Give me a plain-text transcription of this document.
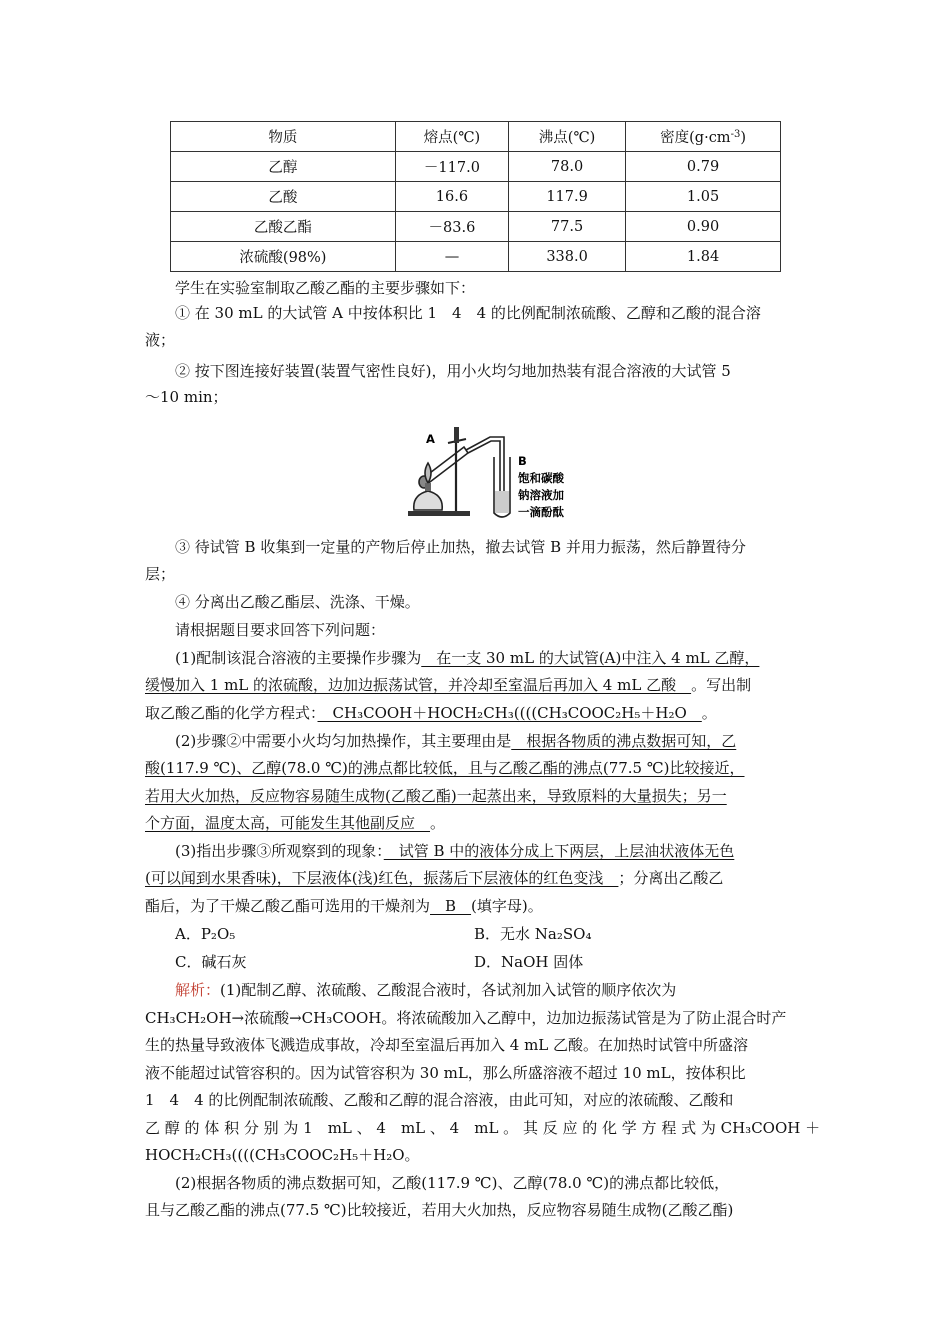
物质	熔点(℃)	沸点(℃)	密度$(g\cdot cm^{-3})$
乙醇	－117.0	78.0	0.79
乙酸	16.6	117.9	1.05
乙酸乙酯	－83.6	77.5	0.90
浓硫酸(98%)	—	338.0	1.84
学生在实验室制取乙酸乙酯的主要步骤如下：
① 在 30 mL 的大试管 A 中按体积比 1　4　4 的比例配制浓硫酸、乙醇和乙酸的混合溶
液；
② 按下图连接好装置(装置气密性良好)，用小火均匀地加热装有混合溶液的大试管 5
～10 min；
A
B
饱和碳酸
钠溶液加
一滴酚酞
③ 待试管 B 收集到一定量的产物后停止加热，撤去试管 B 并用力振荡，然后静置待分
层；
④ 分离出乙酸乙酯层、洗涤、干燥。
请根据题目要求回答下列问题：
(1)配制该混合溶液的主要操作步骤为　在一支 30 mL 的大试管(A)中注入 4 mL 乙醇，
缓慢加入 1 mL 的浓硫酸，边加边振荡试管，并冷却至室温后再加入 4 mL 乙酸　。写出制
取乙酸乙酯的化学方程式：　CH₃COOH＋HOCH₂CH₃((((CH₃COOC₂H₅＋H₂O　。
(2)步骤②中需要小火均匀加热操作，其主要理由是　根据各物质的沸点数据可知，乙
酸(117.9 ℃)、乙醇(78.0 ℃)的沸点都比较低，且与乙酸乙酯的沸点(77.5 ℃)比较接近，
若用大火加热，反应物容易随生成物(乙酸乙酯)一起蒸出来，导致原料的大量损失；另一
个方面，温度太高，可能发生其他副反应　。
(3)指出步骤③所观察到的现象：　试管 B 中的液体分成上下两层，上层油状液体无色
(可以闻到水果香味)，下层液体(浅)红色，振荡后下层液体的红色变浅　；分离出乙酸乙
酯后，为了干燥乙酸乙酯可选用的干燥剂为　B　(填字母)。
A．P₂O₅	B．无水 Na₂SO₄
C．碱石灰	D．NaOH 固体
解析：(1)配制乙醇、浓硫酸、乙酸混合液时，各试剂加入试管的顺序依次为
CH₃CH₂OH→浓硫酸→CH₃COOH。将浓硫酸加入乙醇中，边加边振荡试管是为了防止混合时产
生的热量导致液体飞溅造成事故，冷却至室温后再加入 4 mL 乙酸。在加热时试管中所盛溶
液不能超过试管容积的。因为试管容积为 30 mL，那么所盛溶液不超过 10 mL，按体积比
1　4　4 的比例配制浓硫酸、乙酸和乙醇的混合溶液，由此可知，对应的浓硫酸、乙酸和
乙 醇 的 体 积 分 别 为 1　mL 、 4　mL 、 4　mL 。 其 反 应 的 化 学 方 程 式 为 CH₃COOH ＋
HOCH₂CH₃((((CH₃COOC₂H₅＋H₂O。
(2)根据各物质的沸点数据可知，乙酸(117.9 ℃)、乙醇(78.0 ℃)的沸点都比较低，
且与乙酸乙酯的沸点(77.5 ℃)比较接近，若用大火加热，反应物容易随生成物(乙酸乙酯)
